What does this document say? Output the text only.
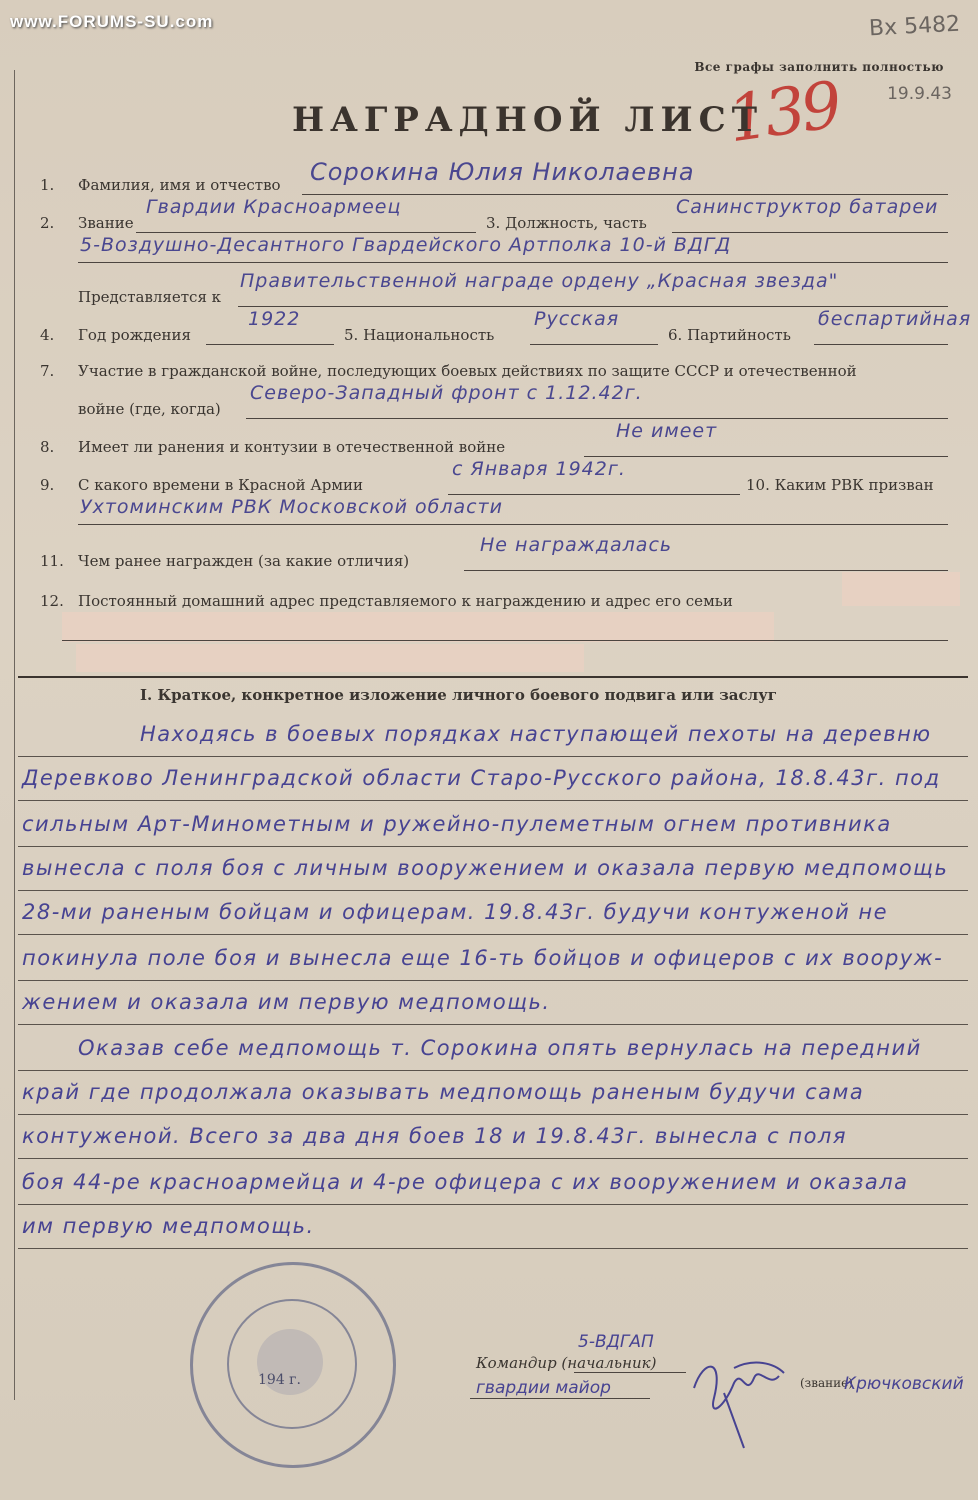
www.FORUMS-SU.com	Вх 5482
19.9.43
Все графы заполнить полностью
139
НАГРАДНОЙ ЛИСТ
1. Фамилия, имя и отчество Сорокина Юлия Николаевна
2. Звание
Гвардии Красноармеец
3. Должность, часть
Санинструктор батареи
5-Воздушно-Десантного Гвардейского Артполка 10-й ВДГД
Представляется к
Правительственной награде ордену „Красная звезда"
4. Год рождения
1922
5. Национальность
Русская
6. Партийность
беспартийная
7. Участие в гражданской войне, последующих боевых действиях по защите СССР и отечественной
войне (где, когда)
Северо-Западный фронт с 1.12.42г.
8. Имеет ли ранения и контузии в отечественной войне
Не имеет
9. С какого времени в Красной Армии
с Января 1942г.
10. Каким РВК призван
Ухтоминским РВК Московской области
11. Чем ранее награжден (за какие отличия)
Не награждалась
12. Постоянный домашний адрес представляемого к награждению и адрес его семьи
I. Краткое, конкретное изложение личного боевого подвига или заслуг
Находясь в боевых порядках наступающей пехоты на деревню
Деревково Ленинградской области Старо-Русского района, 18.8.43г. под
сильным Арт-Минометным и ружейно-пулеметным огнем противника
вынесла с поля боя с личным вооружением и оказала первую медпомощь
28-ми раненым бойцам и офицерам. 19.8.43г. будучи контуженой не
покинула поле боя и вынесла еще 16-ть бойцов и офицеров с их вооруж-
жением и оказала им первую медпомощь.
Оказав себе медпомощь т. Сорокина опять вернулась на передний
край где продолжала оказывать медпомощь раненым будучи сама
контуженой. Всего за два дня боев 18 и 19.8.43г. вынесла с поля
боя 44-ре красноармейца и 4-ре офицера с их вооружением и оказала
им первую медпомощь.
194 г.
Командир (начальник)
5-ВДГАП
гвардии майор	(звание)
Крючковский
